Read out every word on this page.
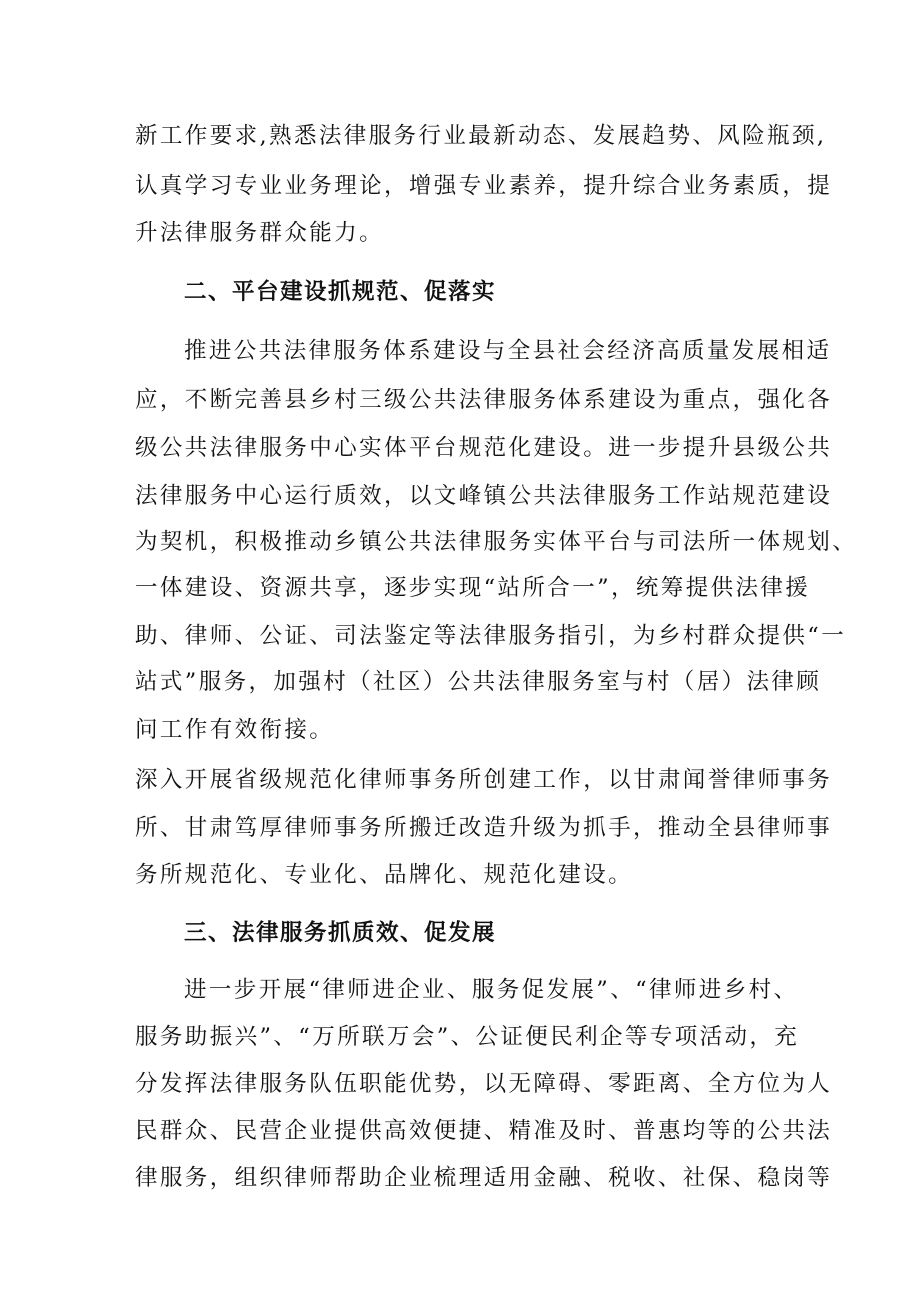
新工作要求,熟悉法律服务行业最新动态、发展趋势、风险瓶颈,
认真学习专业业务理论，增强专业素养，提升综合业务素质，提
升法律服务群众能力。
二、平台建设抓规范、促落实
推进公共法律服务体系建设与全县社会经济高质量发展相适
应，不断完善县乡村三级公共法律服务体系建设为重点，强化各
级公共法律服务中心实体平台规范化建设。进一步提升县级公共
法律服务中心运行质效，以文峰镇公共法律服务工作站规范建设
为契机，积极推动乡镇公共法律服务实体平台与司法所一体规划、
一体建设、资源共享，逐步实现“站所合一”，统筹提供法律援
助、律师、公证、司法鉴定等法律服务指引，为乡村群众提供“一
站式”服务，加强村（社区）公共法律服务室与村（居）法律顾
问工作有效衔接。
深入开展省级规范化律师事务所创建工作，以甘肃闻誉律师事务
所、甘肃笃厚律师事务所搬迁改造升级为抓手，推动全县律师事
务所规范化、专业化、品牌化、规范化建设。
三、法律服务抓质效、促发展
进一步开展“律师进企业、服务促发展”、“律师进乡村、
服务助振兴”、“万所联万会”、公证便民利企等专项活动，充
分发挥法律服务队伍职能优势，以无障碍、零距离、全方位为人
民群众、民营企业提供高效便捷、精准及时、普惠均等的公共法
律服务，组织律师帮助企业梳理适用金融、税收、社保、稳岗等
